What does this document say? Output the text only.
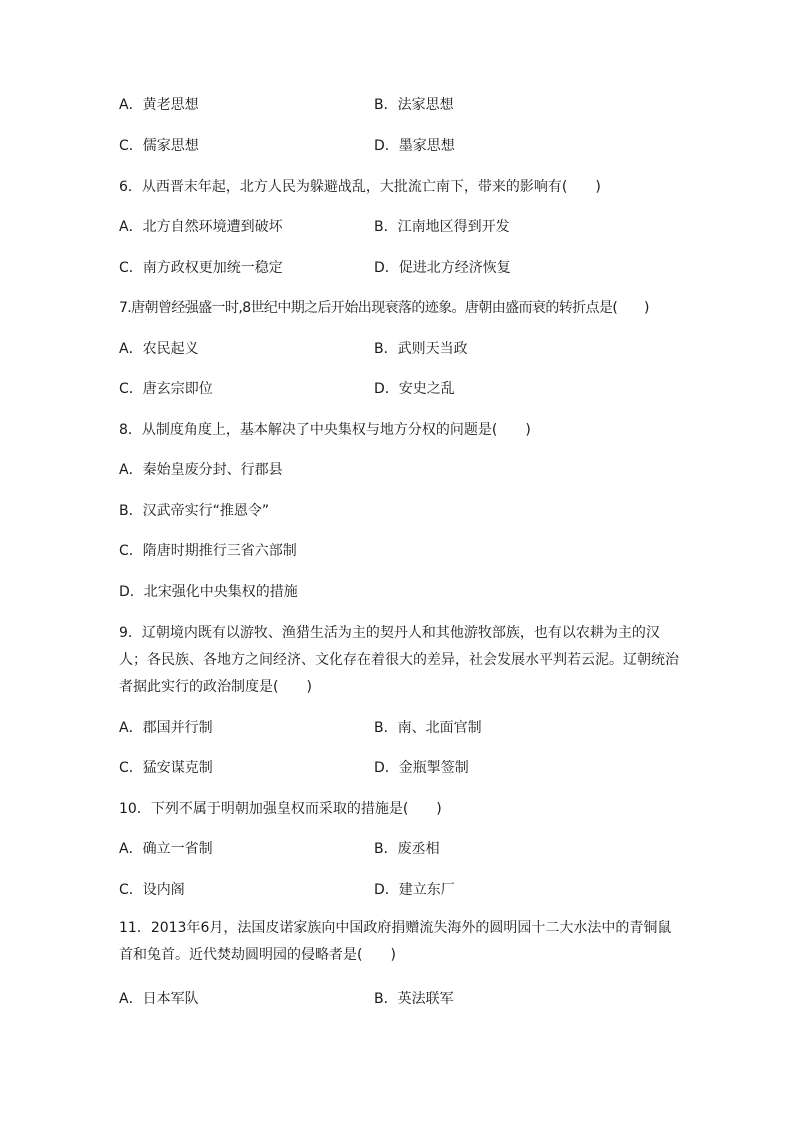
A．黄老思想	B．法家思想
C．儒家思想	D．墨家思想
6．从西晋末年起，北方人民为躲避战乱，大批流亡南下，带来的影响有(　　)
A．北方自然环境遭到破坏	B．江南地区得到开发
C．南方政权更加统一稳定	D．促进北方经济恢复
7.唐朝曾经强盛一时,8世纪中期之后开始出现衰落的迹象。唐朝由盛而衰的转折点是(　　)
A．农民起义	B．武则天当政
C．唐玄宗即位	D．安史之乱
8．从制度角度上，基本解决了中央集权与地方分权的问题是(　　)
A．秦始皇废分封、行郡县
B．汉武帝实行“推恩令”
C．隋唐时期推行三省六部制
D．北宋强化中央集权的措施
9．辽朝境内既有以游牧、渔猎生活为主的契丹人和其他游牧部族，也有以农耕为主的汉人；各民族、各地方之间经济、文化存在着很大的差异，社会发展水平判若云泥。辽朝统治者据此实行的政治制度是(　　)
A．郡国并行制	B．南、北面官制
C．猛安谋克制	D．金瓶掣签制
10．下列不属于明朝加强皇权而采取的措施是(　　)
A．确立一省制	B．废丞相
C．设内阁	D．建立东厂
11．2013年6月，法国皮诺家族向中国政府捐赠流失海外的圆明园十二大水法中的青铜鼠首和兔首。近代焚劫圆明园的侵略者是(　　)
A．日本军队	B．英法联军
